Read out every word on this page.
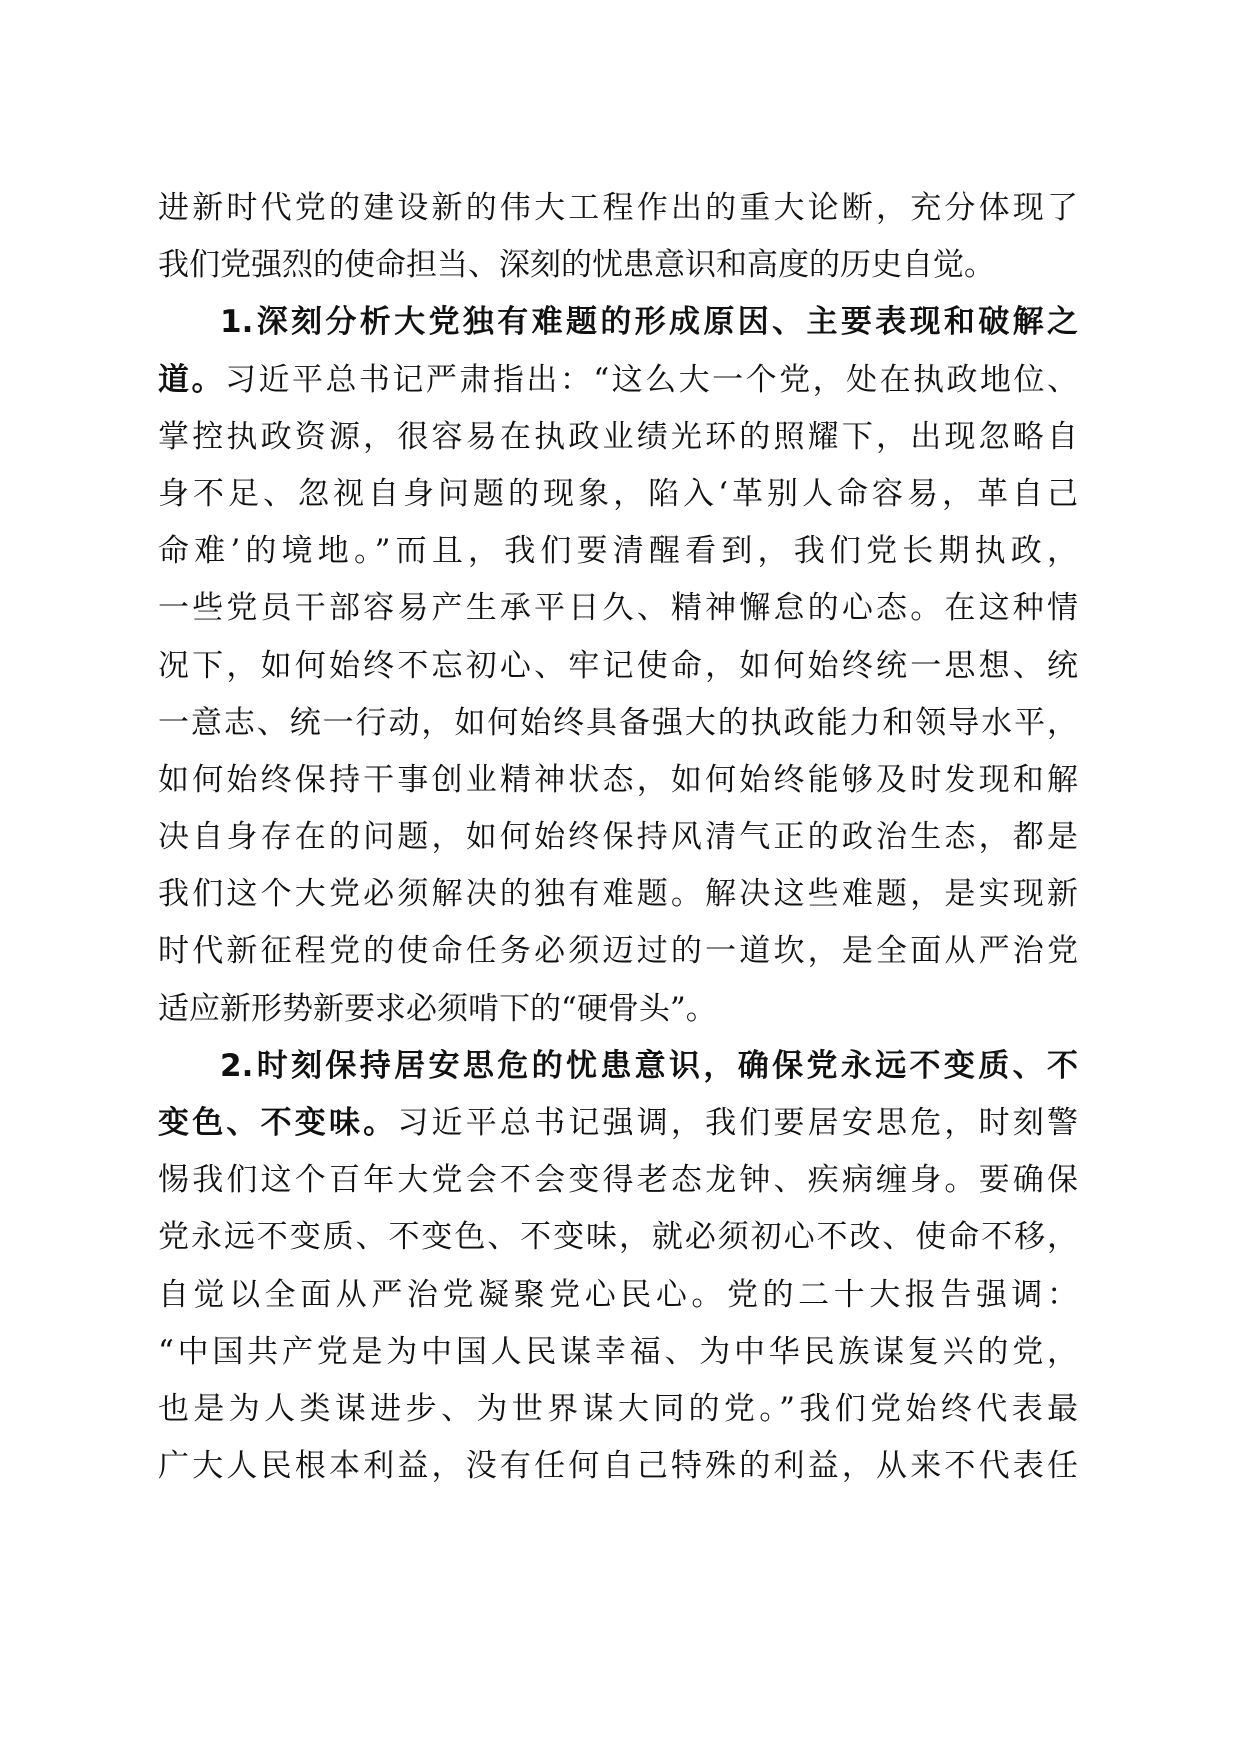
进新时代党的建设新的伟大工程作出的重大论断，充分体现了
我们党强烈的使命担当、深刻的忧患意识和高度的历史自觉。
1.深刻分析大党独有难题的形成原因、主要表现和破解之
道。习近平总书记严肃指出：“这么大一个党，处在执政地位、
掌控执政资源，很容易在执政业绩光环的照耀下，出现忽略自
身不足、忽视自身问题的现象，陷入‘革别人命容易，革自己
命难’的境地。”而且，我们要清醒看到，我们党长期执政，
一些党员干部容易产生承平日久、精神懈怠的心态。在这种情
况下，如何始终不忘初心、牢记使命，如何始终统一思想、统
一意志、统一行动，如何始终具备强大的执政能力和领导水平，
如何始终保持干事创业精神状态，如何始终能够及时发现和解
决自身存在的问题，如何始终保持风清气正的政治生态，都是
我们这个大党必须解决的独有难题。解决这些难题，是实现新
时代新征程党的使命任务必须迈过的一道坎，是全面从严治党
适应新形势新要求必须啃下的“硬骨头”。
2.时刻保持居安思危的忧患意识，确保党永远不变质、不
变色、不变味。习近平总书记强调，我们要居安思危，时刻警
惕我们这个百年大党会不会变得老态龙钟、疾病缠身。要确保
党永远不变质、不变色、不变味，就必须初心不改、使命不移，
自觉以全面从严治党凝聚党心民心。党的二十大报告强调：
“中国共产党是为中国人民谋幸福、为中华民族谋复兴的党，
也是为人类谋进步、为世界谋大同的党。”我们党始终代表最
广大人民根本利益，没有任何自己特殊的利益，从来不代表任
